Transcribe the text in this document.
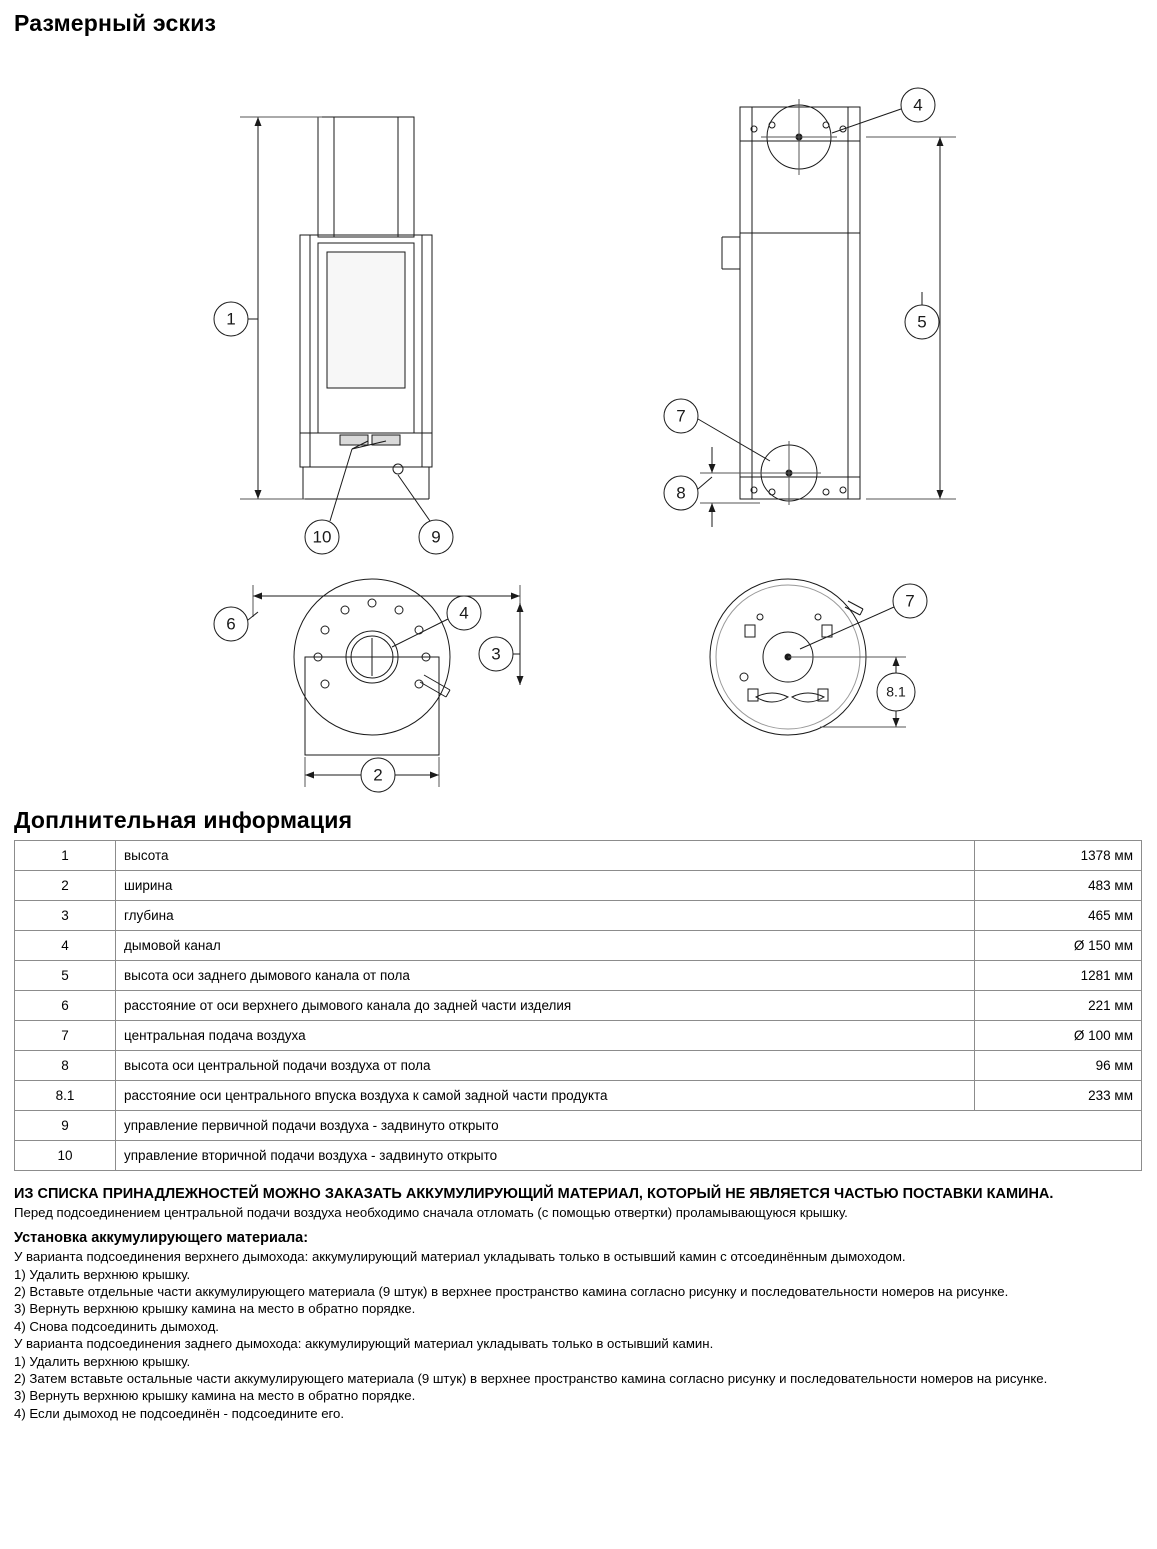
Размерный эскиз
1
2
3
4
4
5
6
7
7
8
8.1
9
10
Доплнительная информация
1	высота	1378 мм
2	ширина	483 мм
3	глубина	465 мм
4	дымовой канал	Ø 150 мм
5	высота оси заднего дымового канала от пола	1281 мм
6	расстояние от оси верхнего дымового канала до задней части изделия	221 мм
7	центральная подача воздуха	Ø 100 мм
8	высота оси центральной подачи воздуха от пола	96 мм
8.1	расстояние оси центрального впуска воздуха к самой задной части продукта	233 мм
9	управление первичной подачи воздуха - задвинуто открыто	
10	управление вторичной подачи воздуха - задвинуто открыто	

ИЗ СПИСКА ПРИНАДЛЕЖНОСТЕЙ МОЖНО ЗАКАЗАТЬ АККУМУЛИРУЮЩИЙ МАТЕРИАЛ, КОТОРЫЙ НЕ ЯВЛЯЕТСЯ ЧАСТЬЮ ПОСТАВКИ КАМИНА.

Перед подсоединением центральной подачи воздуха необходимо сначала отломать (с помощью отвертки) проламывающуюся крышку.

Установка аккумулирующего материала:

У варианта подсоединения верхнего дымохода: аккумулирующий материал укладывать только в остывший камин с отсоединённым дымоходом.

1) Удалить верхнюю крышку.

2) Вставьте отдельные части аккумулирующего материала (9 штук) в верхнее пространство камина согласно рисунку и последовательности номеров на рисунке.

3) Вернуть верхнюю крышку камина на место в обратно порядке.

4) Снова подсоединить дымоход.

У варианта подсоединения заднего дымохода: аккумулирующий материал укладывать только в остывший камин.

1) Удалить верхнюю крышку.

2) Затем вставьте остальные части аккумулирующего материала (9 штук) в верхнее пространство камина согласно рисунку и последовательности номеров на рисунке.

3) Вернуть верхнюю крышку камина на место в обратно порядке.

4) Если дымоход не подсоединён - подсоедините его.
